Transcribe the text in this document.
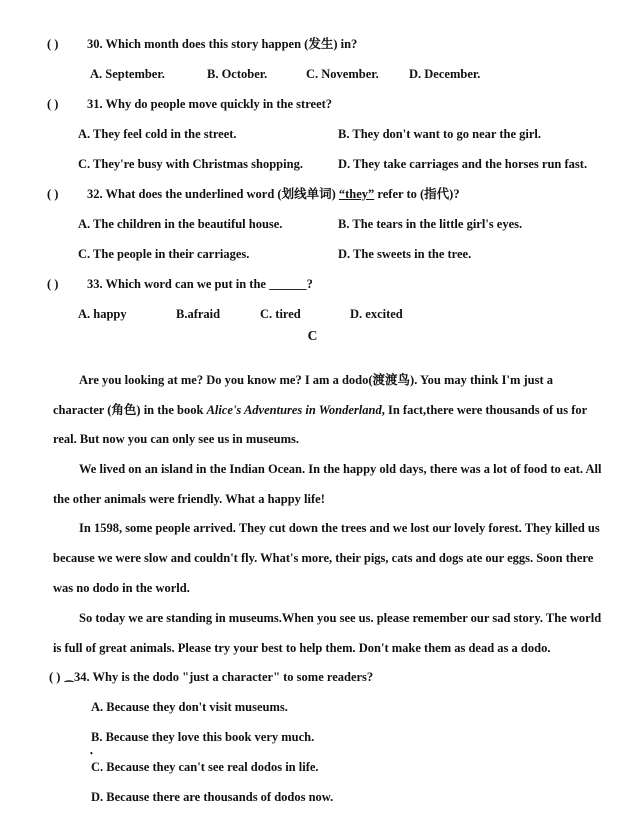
( ) 30. Which month does this story happen (发生) in?
A. September.	B. October.	C. November. D. December.
( ) 31. Why do people move quickly in the street?
A. They feel cold in the street.	B. They don't want to go near the girl.
C. They're busy with Christmas shopping.	D. They take carriages and the horses run fast.
( ) 32. What does the underlined word (划线单词) “they” refer to (指代)?
A. The children in the beautiful house.	B. The tears in the little girl's eyes.
C. The people in their carriages.	D. The sweets in the tree.
( ) 33. Which word can we put in the ______?
A. happy	B.afraid	C. tired	D. excited
C
Are you looking at me? Do you know me? I am a dodo(渡渡鸟). You may think I'm just a
character (角色) in the book Alice's Adventures in Wonderland, In fact,there were thousands of us for
real. But now you can only see us in museums.
We lived on an island in the Indian Ocean. In the happy old days, there was a lot of food to eat. All
the other animals were friendly. What a happy life!
In 1598, some people arrived. They cut down the trees and we lost our lovely forest. They killed us
because we were slow and couldn't fly. What's more, their pigs, cats and dogs ate our eggs. Soon there
was no dodo in the world.
So today we are standing in museums.When you see us. please remember our sad story. The world
is full of great animals. Please try your best to help them. Don't make them as dead as a dodo.
( ) 34. Why is the dodo "just a character" to some readers?
⁀
A. Because they don't visit museums.
B. Because they love this book very much.
•
C. Because they can't see real dodos in life.
D. Because there are thousands of dodos now.
